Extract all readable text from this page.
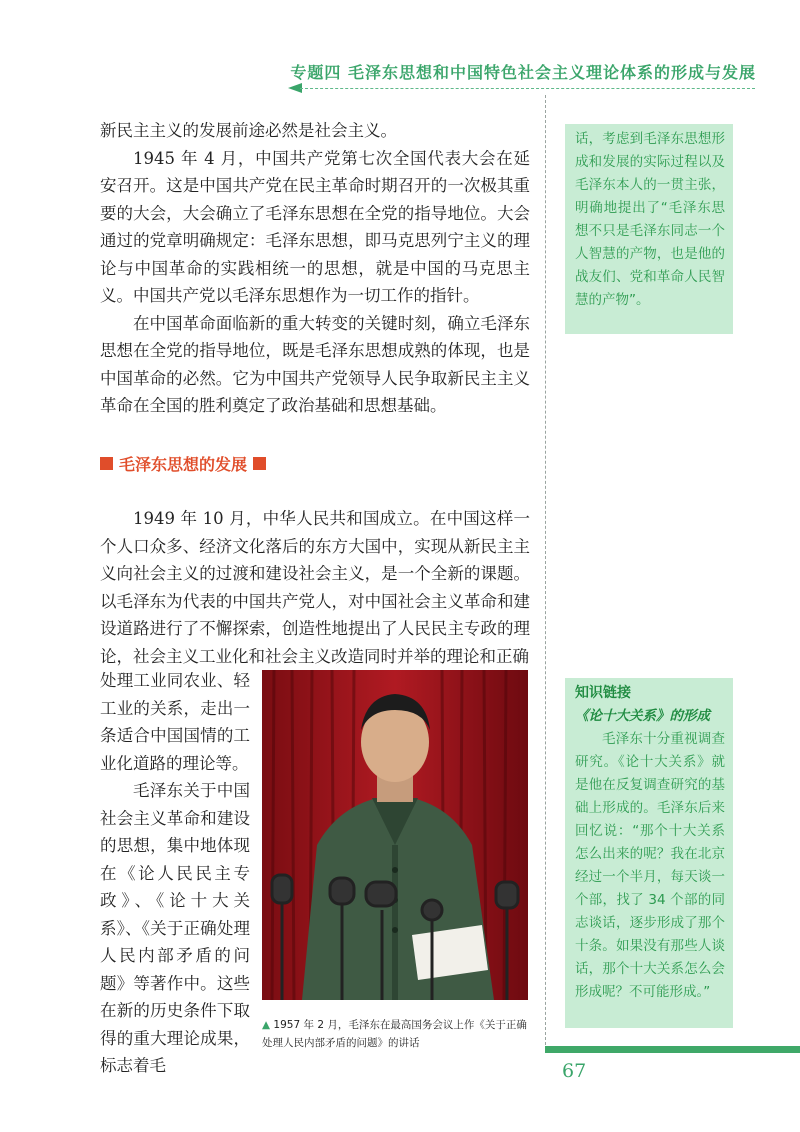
专题四 毛泽东思想和中国特色社会主义理论体系的形成与发展

新民主主义的发展前途必然是社会主义。

1945 年 4 月，中国共产党第七次全国代表大会在延安召开。这是中国共产党在民主革命时期召开的一次极其重要的大会，大会确立了毛泽东思想在全党的指导地位。大会通过的党章明确规定：毛泽东思想，即马克思列宁主义的理论与中国革命的实践相统一的思想，就是中国的马克思主义。中国共产党以毛泽东思想作为一切工作的指针。

在中国革命面临新的重大转变的关键时刻，确立毛泽东思想在全党的指导地位，既是毛泽东思想成熟的体现，也是中国革命的必然。它为中国共产党领导人民争取新民主主义革命在全国的胜利奠定了政治基础和思想基础。

话，考虑到毛泽东思想形成和发展的实际过程以及毛泽东本人的一贯主张，明确地提出了“毛泽东思想不只是毛泽东同志一个人智慧的产物，也是他的战友们、党和革命人民智慧的产物”。
毛泽东思想的发展

1949 年 10 月，中华人民共和国成立。在中国这样一个人口众多、经济文化落后的东方大国中，实现从新民主主义向社会主义的过渡和建设社会主义，是一个全新的课题。以毛泽东为代表的中国共产党人，对中国社会主义革命和建设道路进行了不懈探索，创造性地提出了人民民主专政的理论，社会主义工业化和社会主义改造同时并举的理论和正确

处理工业同农业、轻工业的关系，走出一条适合中国国情的工业化道路的理论等。

毛泽东关于中国社会主义革命和建设的思想，集中地体现在《论人民民主专政》、《论十大关系》、《关于正确处理人民内部矛盾的问题》等著作中。这些在新的历史条件下取得的重大理论成果，标志着毛

▲ 1957 年 2 月，毛泽东在最高国务会议上作《关于正确处理人民内部矛盾的问题》的讲话
知识链接
《论十大关系》的形成
毛泽东十分重视调查研究。《论十大关系》就是他在反复调查研究的基础上形成的。毛泽东后来回忆说：“那个十大关系怎么出来的呢？我在北京经过一个半月，每天谈一个部，找了 34 个部的同志谈话，逐步形成了那个十条。如果没有那些人谈话，那个十大关系怎么会形成呢？不可能形成。”
67
